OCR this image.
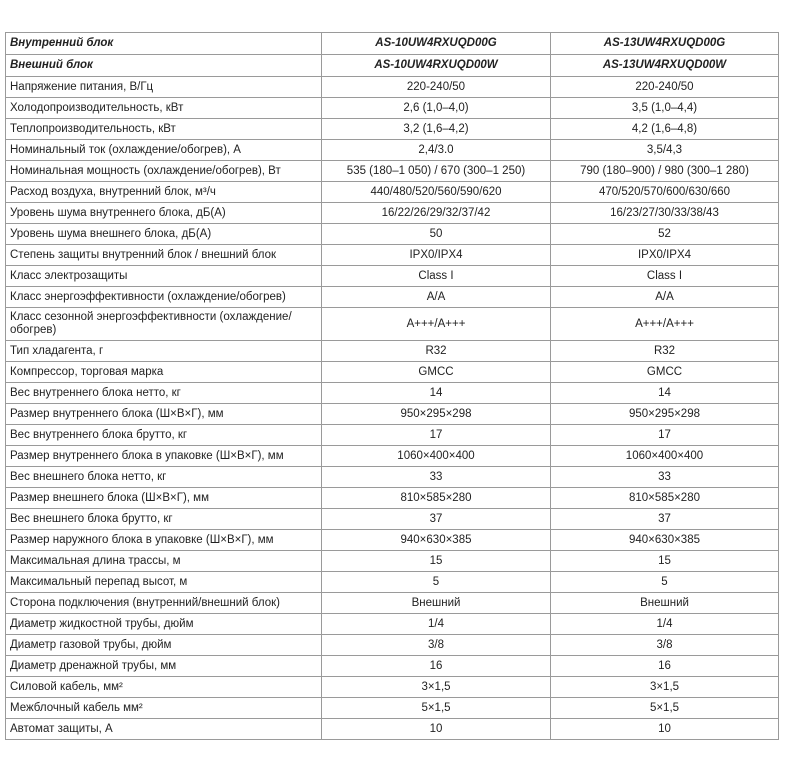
Внутренний блок	AS-10UW4RXUQD00G	AS-13UW4RXUQD00G
Внешний блок	AS-10UW4RXUQD00W	AS-13UW4RXUQD00W
Напряжение питания, В/Гц	220-240/50	220-240/50
Холодопроизводительность, кВт	2,6 (1,0–4,0)	3,5 (1,0–4,4)
Теплопроизводительность, кВт	3,2 (1,6–4,2)	4,2 (1,6–4,8)
Номинальный ток (охлаждение/обогрев), А	2,4/3.0	3,5/4,3
Номинальная мощность (охлаждение/обогрев), Вт	535 (180–1 050) / 670 (300–1 250)	790 (180–900) / 980 (300–1 280)
Расход воздуха, внутренний блок, м³/ч	440/480/520/560/590/620	470/520/570/600/630/660
Уровень шума внутреннего блока, дБ(А)	16/22/26/29/32/37/42	16/23/27/30/33/38/43
Уровень шума внешнего блока, дБ(А)	50	52
Степень защиты внутренний блок / внешний блок	IPX0/IPX4	IPX0/IPX4
Класс электрозащиты	Class I	Class I
Класс энергоэффективности (охлаждение/обогрев)	A/A	A/A
Класс сезонной энергоэффективности (охлаждение/обогрев)	A+++/A+++	A+++/A+++
Тип хладагента, г	R32	R32
Компрессор, торговая марка	GMCC	GMCC
Вес внутреннего блока нетто, кг	14	14
Размер внутреннего блока (Ш×В×Г), мм	950×295×298	950×295×298
Вес внутреннего блока брутто, кг	17	17
Размер внутреннего блока в упаковке (Ш×В×Г), мм	1060×400×400	1060×400×400
Вес внешнего блока нетто, кг	33	33
Размер внешнего блока (Ш×В×Г), мм	810×585×280	810×585×280
Вес внешнего блока брутто, кг	37	37
Размер наружного блока в упаковке (Ш×В×Г), мм	940×630×385	940×630×385
Максимальная длина трассы, м	15	15
Максимальный перепад высот, м	5	5
Сторона подключения (внутренний/внешний блок)	Внешний	Внешний
Диаметр жидкостной трубы, дюйм	1/4	1/4
Диаметр газовой трубы, дюйм	3/8	3/8
Диаметр дренажной трубы, мм	16	16
Силовой кабель, мм²	3×1,5	3×1,5
Межблочный кабель мм²	5×1,5	5×1,5
Автомат защиты, А	10	10
